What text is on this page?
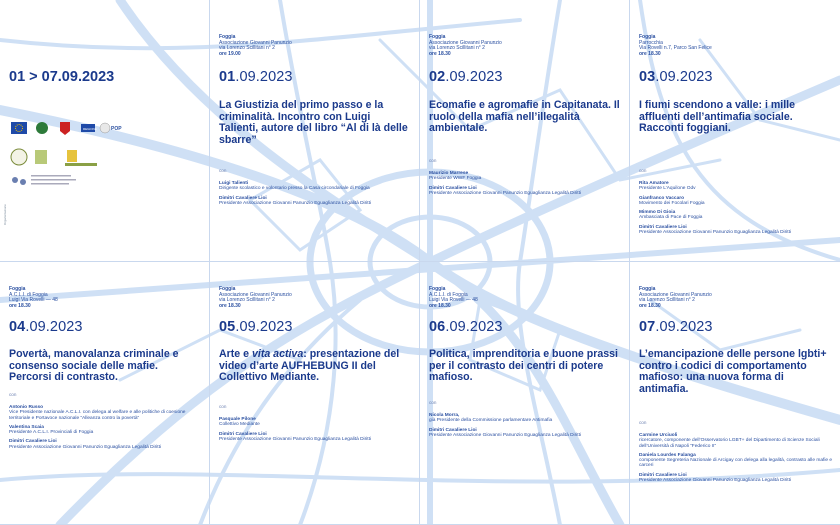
01 > 07.09.2023
REGIONE	POP
Organizzazione
Foggia
Associazione Giovanni Panunzio
via Lorenzo Scillitani n° 2
ore 19.00
01.09.2023
La Giustizia del primo passo e la criminalità. Incontro con Luigi Talienti, autore del libro “Al di là delle sbarre”
con
Luigi Talienti
Dirigente scolastico e volontario presso la Casa circondariale di Foggia
Dimitri Cavaliere Lioi
Presidente Associazione Giovanni Panunzio Eguaglianza Legalità Diritti
Foggia
Associazione Giovanni Panunzio
via Lorenzo Scillitani n° 2
ore 18.30
02.09.2023
Ecomafie e agromafie in Capitanata. Il ruolo della mafia nell’illegalità ambientale.
con
Maurizio Marrese
Presidente WWF Foggia
Dimitri Cavaliere Lioi
Presidente Associazione Giovanni Panunzio Eguaglianza Legalità Diritti
Foggia
Parrocchia
Via Rovelli n.7, Parco San Felice
ore 18.30
03.09.2023
I fiumi scendono a valle: i mille affluenti dell’antimafia sociale. Racconti foggiani.
con
Rita Amatore
Presidente L’Aquilone Odv
Gianfranco Vaccaro
Movimento dei Focolari Foggia
Mimmo Di Gioia
Ambasciata di Pace di Foggia
Dimitri Cavaliere Lioi
Presidente Associazione Giovanni Panunzio Eguaglianza Legalità Diritti
Foggia
A.C.L.I. di Foggia
Luigi Via Rovelli — 48
ore 18.30
04.09.2023
Povertà, manovalanza criminale e consenso sociale delle mafie. Percorsi di contrasto.
con
Antonio Russo
Vice Presidente nazionale A.C.L.I. con delega al welfare e alle politiche di coesione territoriale e Portavoce nazionale “Alleanza contro la povertà”
Valentina Scaia
Presidente A.C.L.I. Provinciali di Foggia
Dimitri Cavaliere Lioi
Presidente Associazione Giovanni Panunzio Eguaglianza Legalità Diritti
Foggia
Associazione Giovanni Panunzio
via Lorenzo Scillitani n° 2
ore 18.30
05.09.2023
Arte e vita activa: presentazione del video d’arte AUFHEBUNG II del Collettivo Mediante.
con
Pasquale Pilone
Collettivo Mediante
Dimitri Cavaliere Lioi
Presidente Associazione Giovanni Panunzio Eguaglianza Legalità Diritti
Foggia
A.C.L.I. di Foggia
Luigi Via Rovelli — 48
ore 18.30
06.09.2023
Politica, imprenditoria e buone prassi per il contrasto dei centri di potere mafioso.
con
Nicola Morra,
già Presidente della Commissione parlamentare Antimafia
Dimitri Cavaliere Lioi
Presidente Associazione Giovanni Panunzio Eguaglianza Legalità Diritti
Foggia
Associazione Giovanni Panunzio
via Lorenzo Scillitani n° 2
ore 18.30
07.09.2023
L’emancipazione delle persone lgbti+ contro i codici di comportamento mafioso: una nuova forma di antimafia.
con
Carmine Urciuoli
ricercatore, componente dell’Osservatorio LGBT+ del Dipartimento di Scienze Sociali dell’Università di Napoli “Federico II”
Daniela Lourdes Falanga
componente Segreteria Nazionale di Arcigay con delega alla legalità, contrasto alle mafie e carceri
Dimitri Cavaliere Lioi
Presidente Associazione Giovanni Panunzio Eguaglianza Legalità Diritti
